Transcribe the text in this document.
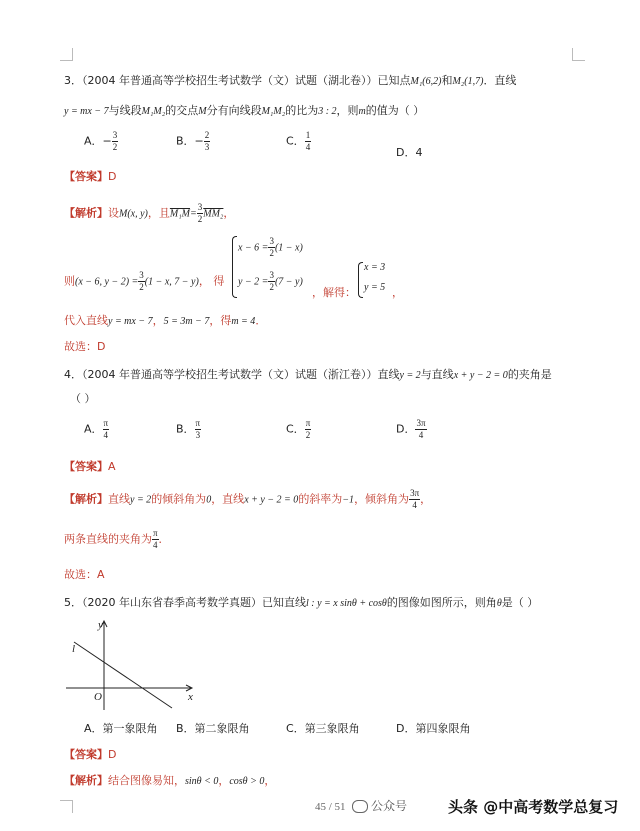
3．（2004 年普通高等学校招生考试数学（文）试题（湖北卷））已知点M₁(6,2)和M₂(1,7)．直线
y = mx − 7与线段M₁M₂的交点M分有向线段M₁M₂的比为3 : 2，则m的值为（ ）
A．− $\frac{3}{2}$	B．− $\frac{2}{3}$	C． $\frac{1}{4}$	D．4
【答案】D
【解析】设M(x, y)，且$M_1M= \frac{3}{2} MM_2$，
则(x − 6, $y - 2) = \frac{3}{2} (1 - x$, 7 − y)， 得
$x - 6 = \frac{3}{2} (1 - x)$
$y - 2 = \frac{3}{2} (7 - y)$
，解得：
x = 3
y = 5 ，
代入直线y = mx − 7，5 = 3m − 7，得m = 4．
故选：D
4．（2004 年普通高等学校招生考试数学（文）试题（浙江卷））直线y = 2与直线x + y − 2 = 0的夹角是
（ ）
A． $\frac{\pi}{4}$	B． $\frac{\pi}{3}$	C． $\frac{\pi}{2}$	D． $\frac{3\pi}{4}$
【答案】A
【解析】直线y = 2的倾斜角为0，直线x + y − 2 = 0的斜率为−1，倾斜角为 $\frac{3\pi}{4}$ ，
两条直线的夹角为 $\frac{\pi}{4}$ ．
故选：A
5．（2020 年山东省春季高考数学真题）已知直线l : y = x sinθ + cosθ的图像如图所示，则角θ是（ ）
y
x
O
l
A．第一象限角 B．第二象限角	C．第三象限角	D．第四象限角
【答案】D
【解析】结合图像易知，sinθ < 0，cosθ > 0，
45 / 51	公众号	头条 @中高考数学总复习
